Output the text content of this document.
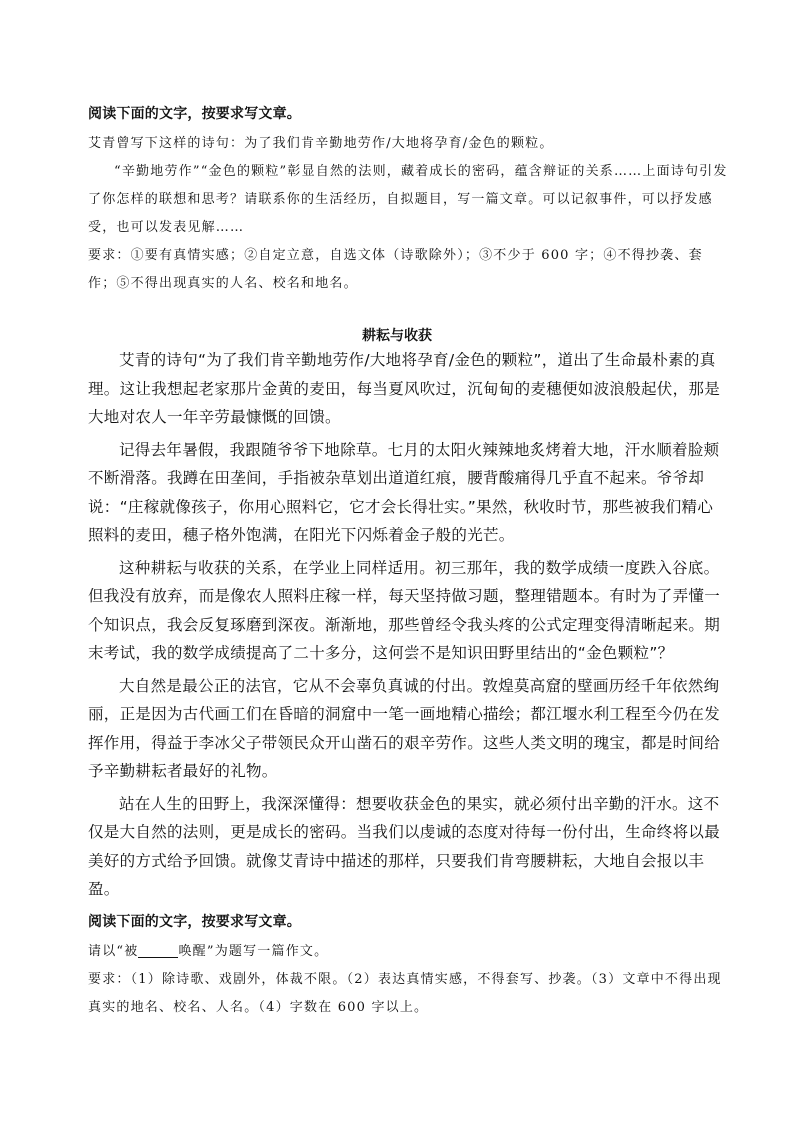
阅读下面的文字，按要求写文章。

艾青曾写下这样的诗句：为了我们肯辛勤地劳作/大地将孕育/金色的颗粒。

“辛勤地劳作”“金色的颗粒”彰显自然的法则，藏着成长的密码，蕴含辩证的关系……上面诗句引发了你怎样的联想和思考？请联系你的生活经历，自拟题目，写一篇文章。可以记叙事件，可以抒发感受，也可以发表见解……

要求：①要有真情实感；②自定立意，自选文体（诗歌除外）；③不少于 600 字；④不得抄袭、套作；⑤不得出现真实的人名、校名和地名。

耕耘与收获

艾青的诗句“为了我们肯辛勤地劳作/大地将孕育/金色的颗粒”，道出了生命最朴素的真理。这让我想起老家那片金黄的麦田，每当夏风吹过，沉甸甸的麦穗便如波浪般起伏，那是大地对农人一年辛劳最慷慨的回馈。

记得去年暑假，我跟随爷爷下地除草。七月的太阳火辣辣地炙烤着大地，汗水顺着脸颊不断滑落。我蹲在田垄间，手指被杂草划出道道红痕，腰背酸痛得几乎直不起来。爷爷却说：“庄稼就像孩子，你用心照料它，它才会长得壮实。”果然，秋收时节，那些被我们精心照料的麦田，穗子格外饱满，在阳光下闪烁着金子般的光芒。

这种耕耘与收获的关系，在学业上同样适用。初三那年，我的数学成绩一度跌入谷底。但我没有放弃，而是像农人照料庄稼一样，每天坚持做习题，整理错题本。有时为了弄懂一个知识点，我会反复琢磨到深夜。渐渐地，那些曾经令我头疼的公式定理变得清晰起来。期末考试，我的数学成绩提高了二十多分，这何尝不是知识田野里结出的“金色颗粒”？

大自然是最公正的法官，它从不会辜负真诚的付出。敦煌莫高窟的壁画历经千年依然绚丽，正是因为古代画工们在昏暗的洞窟中一笔一画地精心描绘；都江堰水利工程至今仍在发挥作用，得益于李冰父子带领民众开山凿石的艰辛劳作。这些人类文明的瑰宝，都是时间给予辛勤耕耘者最好的礼物。

站在人生的田野上，我深深懂得：想要收获金色的果实，就必须付出辛勤的汗水。这不仅是大自然的法则，更是成长的密码。当我们以虔诚的态度对待每一份付出，生命终将以最美好的方式给予回馈。就像艾青诗中描述的那样，只要我们肯弯腰耕耘，大地自会报以丰盈。

阅读下面的文字，按要求写文章。

请以“被	唤醒”为题写一篇作文。

要求：（1）除诗歌、戏剧外，体裁不限。（2）表达真情实感，不得套写、抄袭。（3）文章中不得出现真实的地名、校名、人名。（4）字数在 600 字以上。
